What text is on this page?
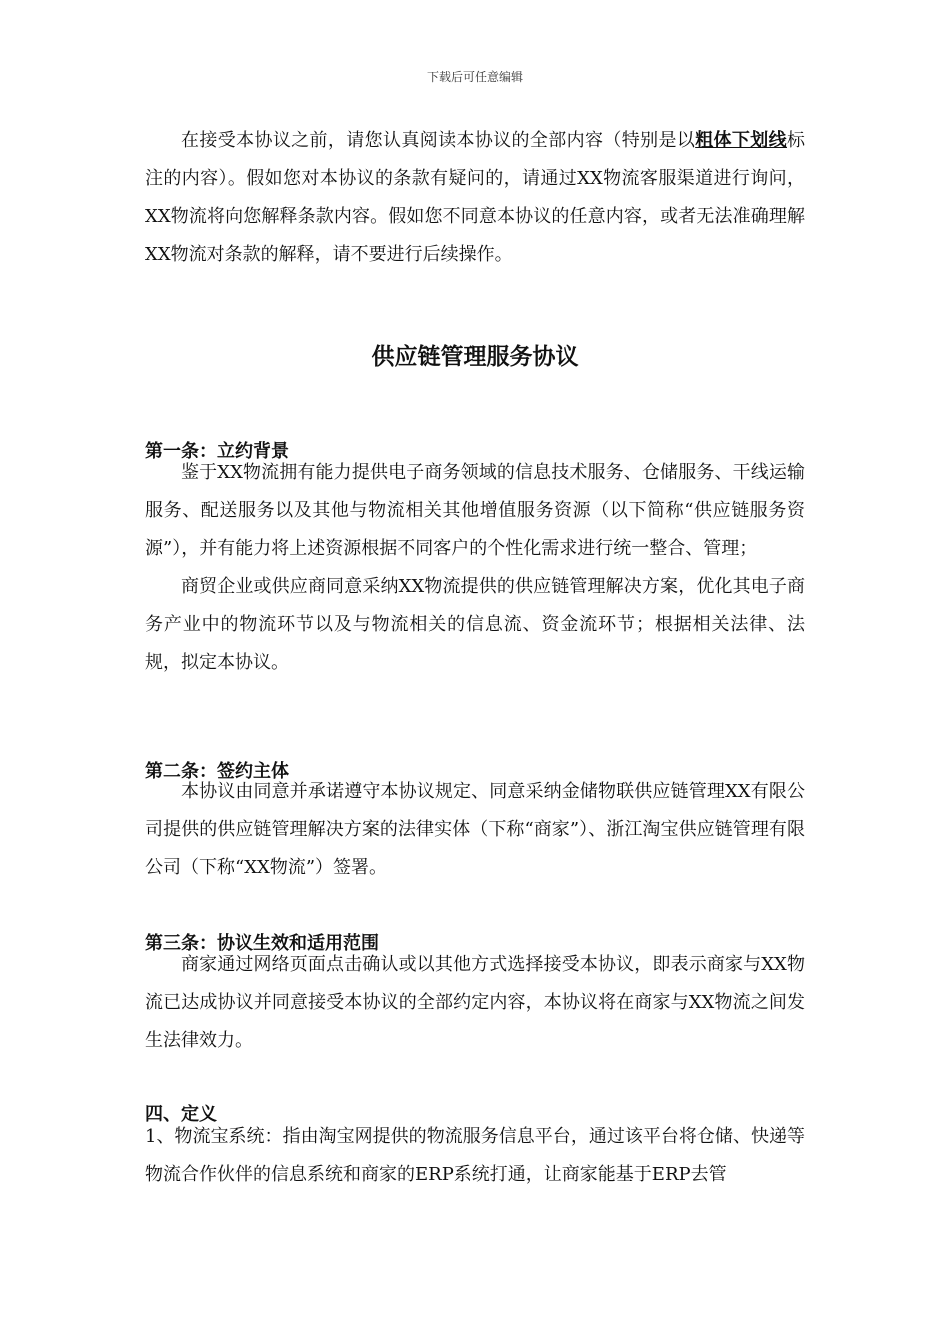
下载后可任意编辑
在接受本协议之前，请您认真阅读本协议的全部内容（特别是以粗体下划线标注的内容）。假如您对本协议的条款有疑问的，请通过XX物流客服渠道进行询问，XX物流将向您解释条款内容。假如您不同意本协议的任意内容，或者无法准确理解XX物流对条款的解释，请不要进行后续操作。
供应链管理服务协议
第一条：立约背景

鉴于XX物流拥有能力提供电子商务领域的信息技术服务、仓储服务、干线运输服务、配送服务以及其他与物流相关其他增值服务资源（以下简称“供应链服务资源”），并有能力将上述资源根据不同客户的个性化需求进行统一整合、管理；

商贸企业或供应商同意采纳XX物流提供的供应链管理解决方案，优化其电子商务产业中的物流环节以及与物流相关的信息流、资金流环节；根据相关法律、法规，拟定本协议。

第二条：签约主体

本协议由同意并承诺遵守本协议规定、同意采纳金储物联供应链管理XX有限公司提供的供应链管理解决方案的法律实体（下称“商家”）、浙江淘宝供应链管理有限公司（下称“XX物流”）签署。

第三条：协议生效和适用范围

商家通过网络页面点击确认或以其他方式选择接受本协议，即表示商家与XX物流已达成协议并同意接受本协议的全部约定内容，本协议将在商家与XX物流之间发生法律效力。

四、定义

1、物流宝系统：指由淘宝网提供的物流服务信息平台，通过该平台将仓储、快递等物流合作伙伴的信息系统和商家的ERP系统打通，让商家能基于ERP去管
